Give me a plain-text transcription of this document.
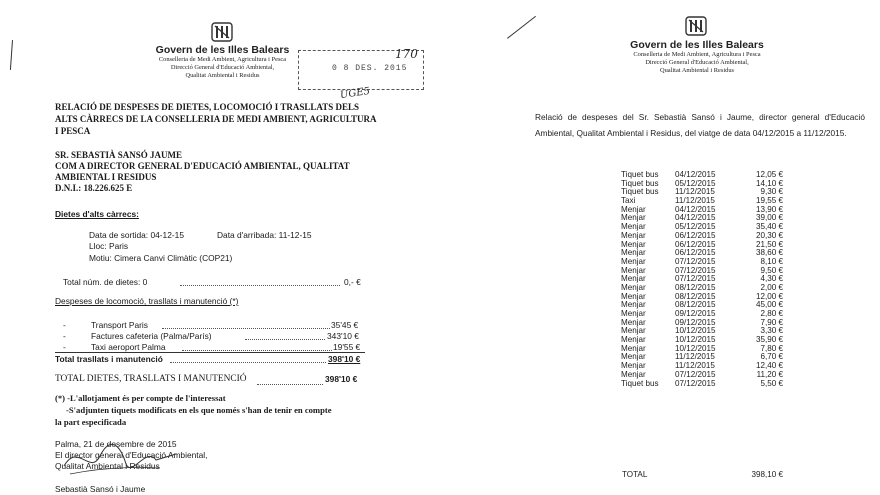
Govern de les Illes Balears
Conselleria de Medi Ambient, Agricultura i Pesca
Direcció General d'Educació Ambiental,
Qualitat Ambiental i Residus
0 8 DES. 2015
170
UGE5
RELACIÓ DE DESPESES DE DIETES, LOCOMOCIÓ I TRASLLATS DELS
ALTS CÀRRECS DE LA CONSELLERIA DE MEDI AMBIENT, AGRICULTURA
I PESCA
SR. SEBASTIÀ SANSÓ JAUME
COM A DIRECTOR GENERAL D'EDUCACIÓ AMBIENTAL, QUALITAT
AMBIENTAL I RESIDUS
D.N.I.: 18.226.625 E
Dietes d'alts càrrecs:
Data de sortida: 04-12-15	Data d'arribada: 11-12-15
Lloc: Paris
Motiu: Cimera Canvi Climàtic (COP21)
Total núm. de dietes: 0	0,- €
Despeses de locomoció, trasllats i manutenció (*)
-	Transport Paris	35'45 €
-	Factures cafeteria (Palma/París)	343'10 €
-	Taxi aeroport Palma	19'55 €
Total trasllats i manutenció	398'10 €
TOTAL DIETES, TRASLLATS I MANUTENCIÓ	398'10 €
(*) -L'allotjament és per compte de l'interessat
-S'adjunten tiquets modificats en els que només s'han de tenir en compte
la part especificada
Palma, 21 de desembre de 2015
El director general d'Educació Ambiental,
Qualitat Ambiental i Residus
Sebastià Sansó i Jaume
Govern de les Illes Balears
Conselleria de Medi Ambient, Agricultura i Pesca
Direcció General d'Educació Ambiental,
Qualitat Ambiental i Residus
Relació de despeses del Sr. Sebastià Sansó i Jaume, director general d'Educació Ambiental, Qualitat Ambiental i Residus, del viatge de data 04/12/2015 a 11/12/2015.
Tiquet bus 04/12/2015	12,05 €
Tiquet bus 05/12/2015	14,10 €
Tiquet bus 11/12/2015	9,30 €
Taxi	11/12/2015	19,55 €
Menjar	04/12/2015	13,90 €
Menjar	04/12/2015	39,00 €
Menjar	05/12/2015	35,40 €
Menjar	06/12/2015	20,30 €
Menjar	06/12/2015	21,50 €
Menjar	06/12/2015	38,60 €
Menjar	07/12/2015	8,10 €
Menjar	07/12/2015	9,50 €
Menjar	07/12/2015	4,30 €
Menjar	08/12/2015	2,00 €
Menjar	08/12/2015	12,00 €
Menjar	08/12/2015	45,00 €
Menjar	09/12/2015	2,80 €
Menjar	09/12/2015	7,90 €
Menjar	10/12/2015	3,30 €
Menjar	10/12/2015	35,90 €
Menjar	10/12/2015	7,80 €
Menjar	11/12/2015	6,70 €
Menjar	11/12/2015	12,40 €
Menjar	07/12/2015	11,20 €
Tiquet bus 07/12/2015	5,50 €
TOTAL	398,10 €
